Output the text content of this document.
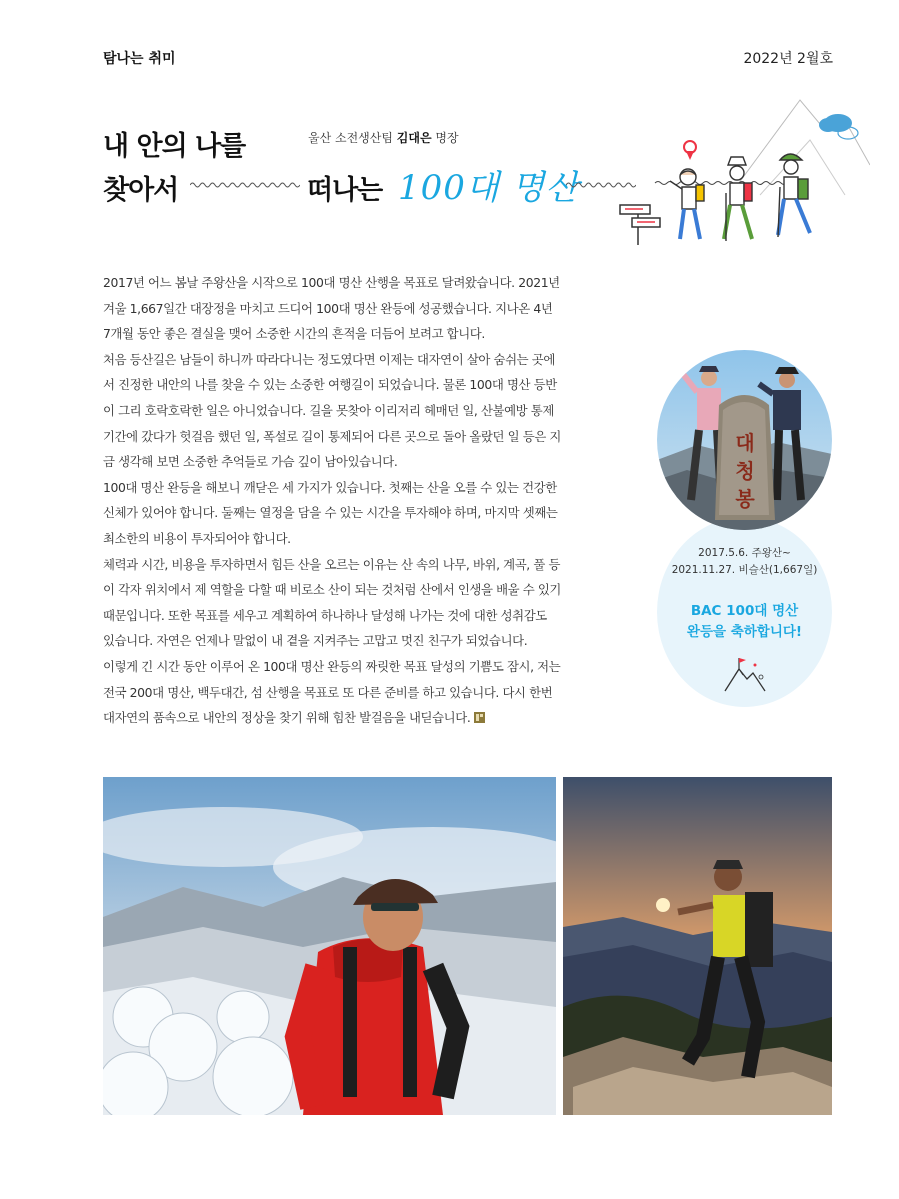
탐나는 취미	2022년 2월호
내 안의 나를
찾아서	떠나는 100대 명산
울산 소전생산팀 김대은 명장

2017년 어느 봄날 주왕산을 시작으로 100대 명산 산행을 목표로 달려왔습니다. 2021년 겨울 1,667일간 대장정을 마치고 드디어 100대 명산 완등에 성공했습니다. 지나온 4년 7개월 동안 좋은 결실을 맺어 소중한 시간의 흔적을 더듬어 보려고 합니다.

처음 등산길은 남들이 하니까 따라다니는 정도였다면 이제는 대자연이 살아 숨쉬는 곳에서 진정한 내안의 나를 찾을 수 있는 소중한 여행길이 되었습니다. 물론 100대 명산 등반이 그리 호락호락한 일은 아니었습니다. 길을 못찾아 이리저리 헤매던 일, 산불예방 통제기간에 갔다가 헛걸음 했던 일, 폭설로 길이 통제되어 다른 곳으로 돌아 올랐던 일 등은 지금 생각해 보면 소중한 추억들로 가슴 깊이 남아있습니다.

100대 명산 완등을 해보니 깨닫은 세 가지가 있습니다. 첫째는 산을 오를 수 있는 건강한 신체가 있어야 합니다. 둘째는 열정을 담을 수 있는 시간을 투자해야 하며, 마지막 셋째는 최소한의 비용이 투자되어야 합니다.

체력과 시간, 비용을 투자하면서 힘든 산을 오르는 이유는 산 속의 나무, 바위, 계곡, 풀 등이 각자 위치에서 제 역할을 다할 때 비로소 산이 되는 것처럼 산에서 인생을 배울 수 있기 때문입니다. 또한 목표를 세우고 계획하여 하나하나 달성해 나가는 것에 대한 성취감도 있습니다. 자연은 언제나 말없이 내 곁을 지켜주는 고맙고 멋진 친구가 되었습니다.

이렇게 긴 시간 동안 이루어 온 100대 명산 완등의 짜릿한 목표 달성의 기쁨도 잠시, 저는 전국 200대 명산, 백두대간, 섬 산행을 목표로 또 다른 준비를 하고 있습니다. 다시 한번 대자연의 품속으로 내안의 정상을 찾기 위해 힘찬 발걸음을 내딛습니다.

2017.5.6. 주왕산~
2021.11.27. 비슬산(1,667일)
BAC 100대 명산
완등을 축하합니다!
대
청
봉
